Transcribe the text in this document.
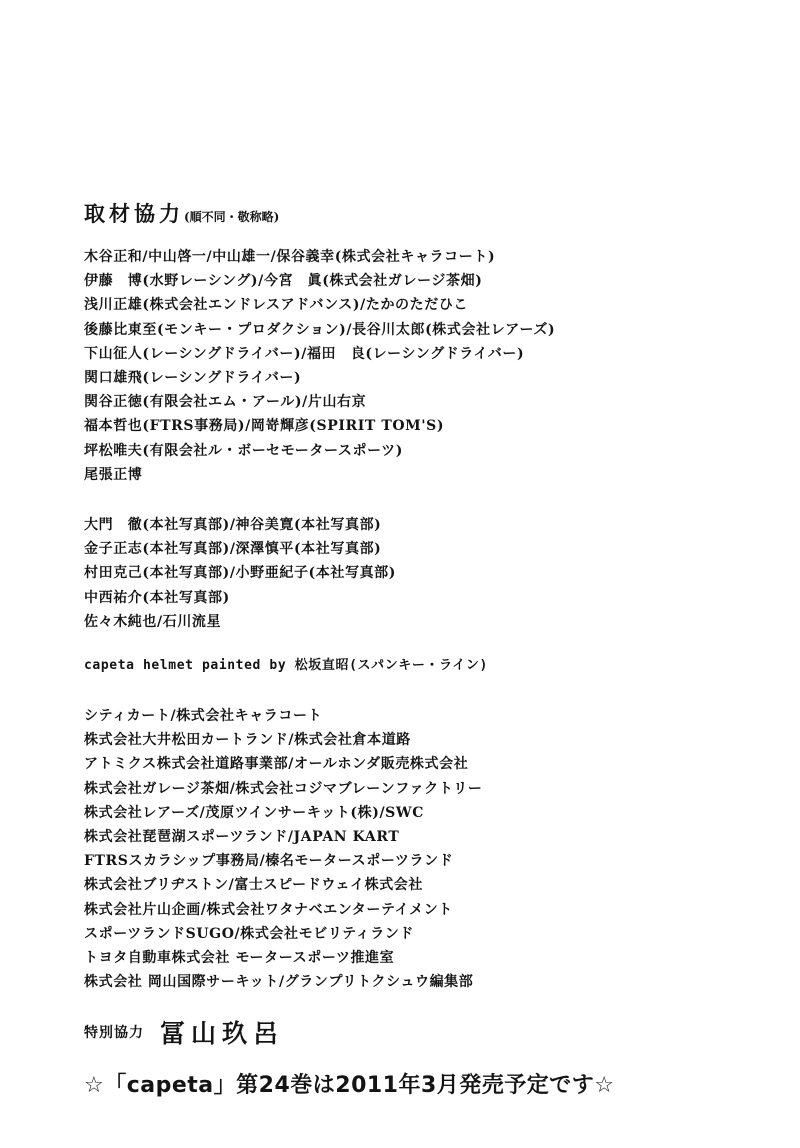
取材協力(順不同・敬称略)
木谷正和/中山啓一/中山雄一/保谷義幸(株式会社キャラコート)
伊藤　博(水野レーシング)/今宮　眞(株式会社ガレージ茶畑)
浅川正雄(株式会社エンドレスアドバンス)/たかのただひこ
後藤比東至(モンキー・プロダクション)/長谷川太郎(株式会社レアーズ)
下山征人(レーシングドライバー)/福田　良(レーシングドライバー)
関口雄飛(レーシングドライバー)
関谷正徳(有限会社エム・アール)/片山右京
福本哲也(FTRS事務局)/岡嵜輝彦(SPIRIT TOM'S)
坪松唯夫(有限会社ル・ボーセモータースポーツ)
尾張正博
大門　徹(本社写真部)/神谷美寛(本社写真部)
金子正志(本社写真部)/深澤慎平(本社写真部)
村田克己(本社写真部)/小野亜紀子(本社写真部)
中西祐介(本社写真部)
佐々木純也/石川流星
capeta helmet painted by 松坂直昭(スパンキー・ライン)
シティカート/株式会社キャラコート
株式会社大井松田カートランド/株式会社倉本道路
アトミクス株式会社道路事業部/オールホンダ販売株式会社
株式会社ガレージ茶畑/株式会社コジマブレーンファクトリー
株式会社レアーズ/茂原ツインサーキット(株)/SWC
株式会社琵琶湖スポーツランド/JAPAN KART
FTRSスカラシップ事務局/榛名モータースポーツランド
株式会社ブリヂストン/富士スピードウェイ株式会社
株式会社片山企画/株式会社ワタナベエンターテイメント
スポーツランドSUGO/株式会社モビリティランド
トヨタ自動車株式会社 モータースポーツ推進室
株式会社 岡山国際サーキット/グランプリトクシュウ編集部
特別協力 冨山玖呂
☆「capeta」第24巻は2011年3月発売予定です☆
